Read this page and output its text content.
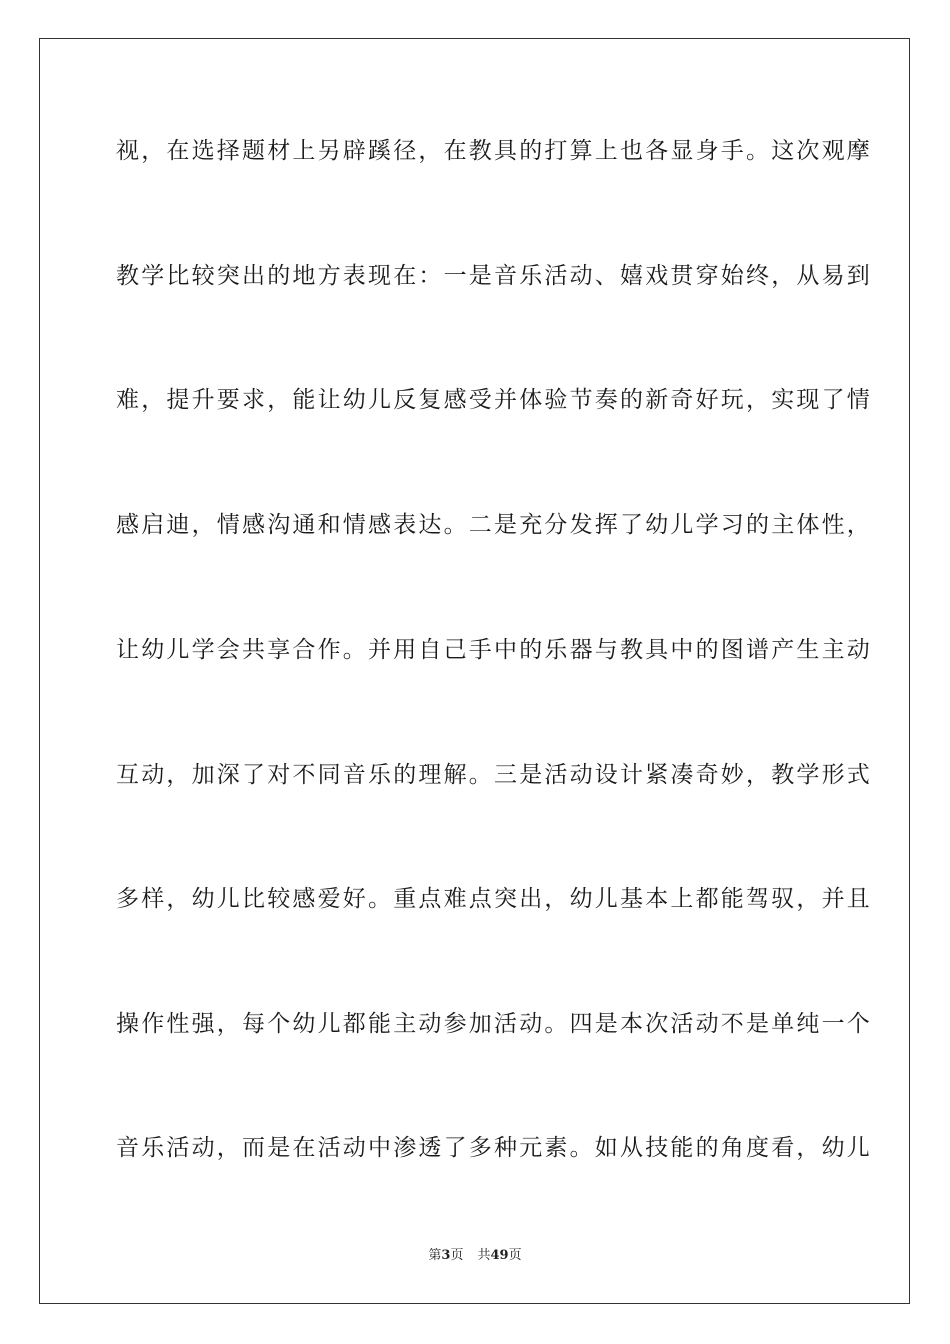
视，在选择题材上另辟蹊径，在教具的打算上也各显身手。这次观摩
教学比较突出的地方表现在：一是音乐活动、嬉戏贯穿始终，从易到
难，提升要求，能让幼儿反复感受并体验节奏的新奇好玩，实现了情
感启迪，情感沟通和情感表达。二是充分发挥了幼儿学习的主体性，
让幼儿学会共享合作。并用自己手中的乐器与教具中的图谱产生主动
互动，加深了对不同音乐的理解。三是活动设计紧凑奇妙，教学形式
多样，幼儿比较感爱好。重点难点突出，幼儿基本上都能驾驭，并且
操作性强，每个幼儿都能主动参加活动。四是本次活动不是单纯一个
音乐活动，而是在活动中渗透了多种元素。如从技能的角度看，幼儿
第3页 共49页
